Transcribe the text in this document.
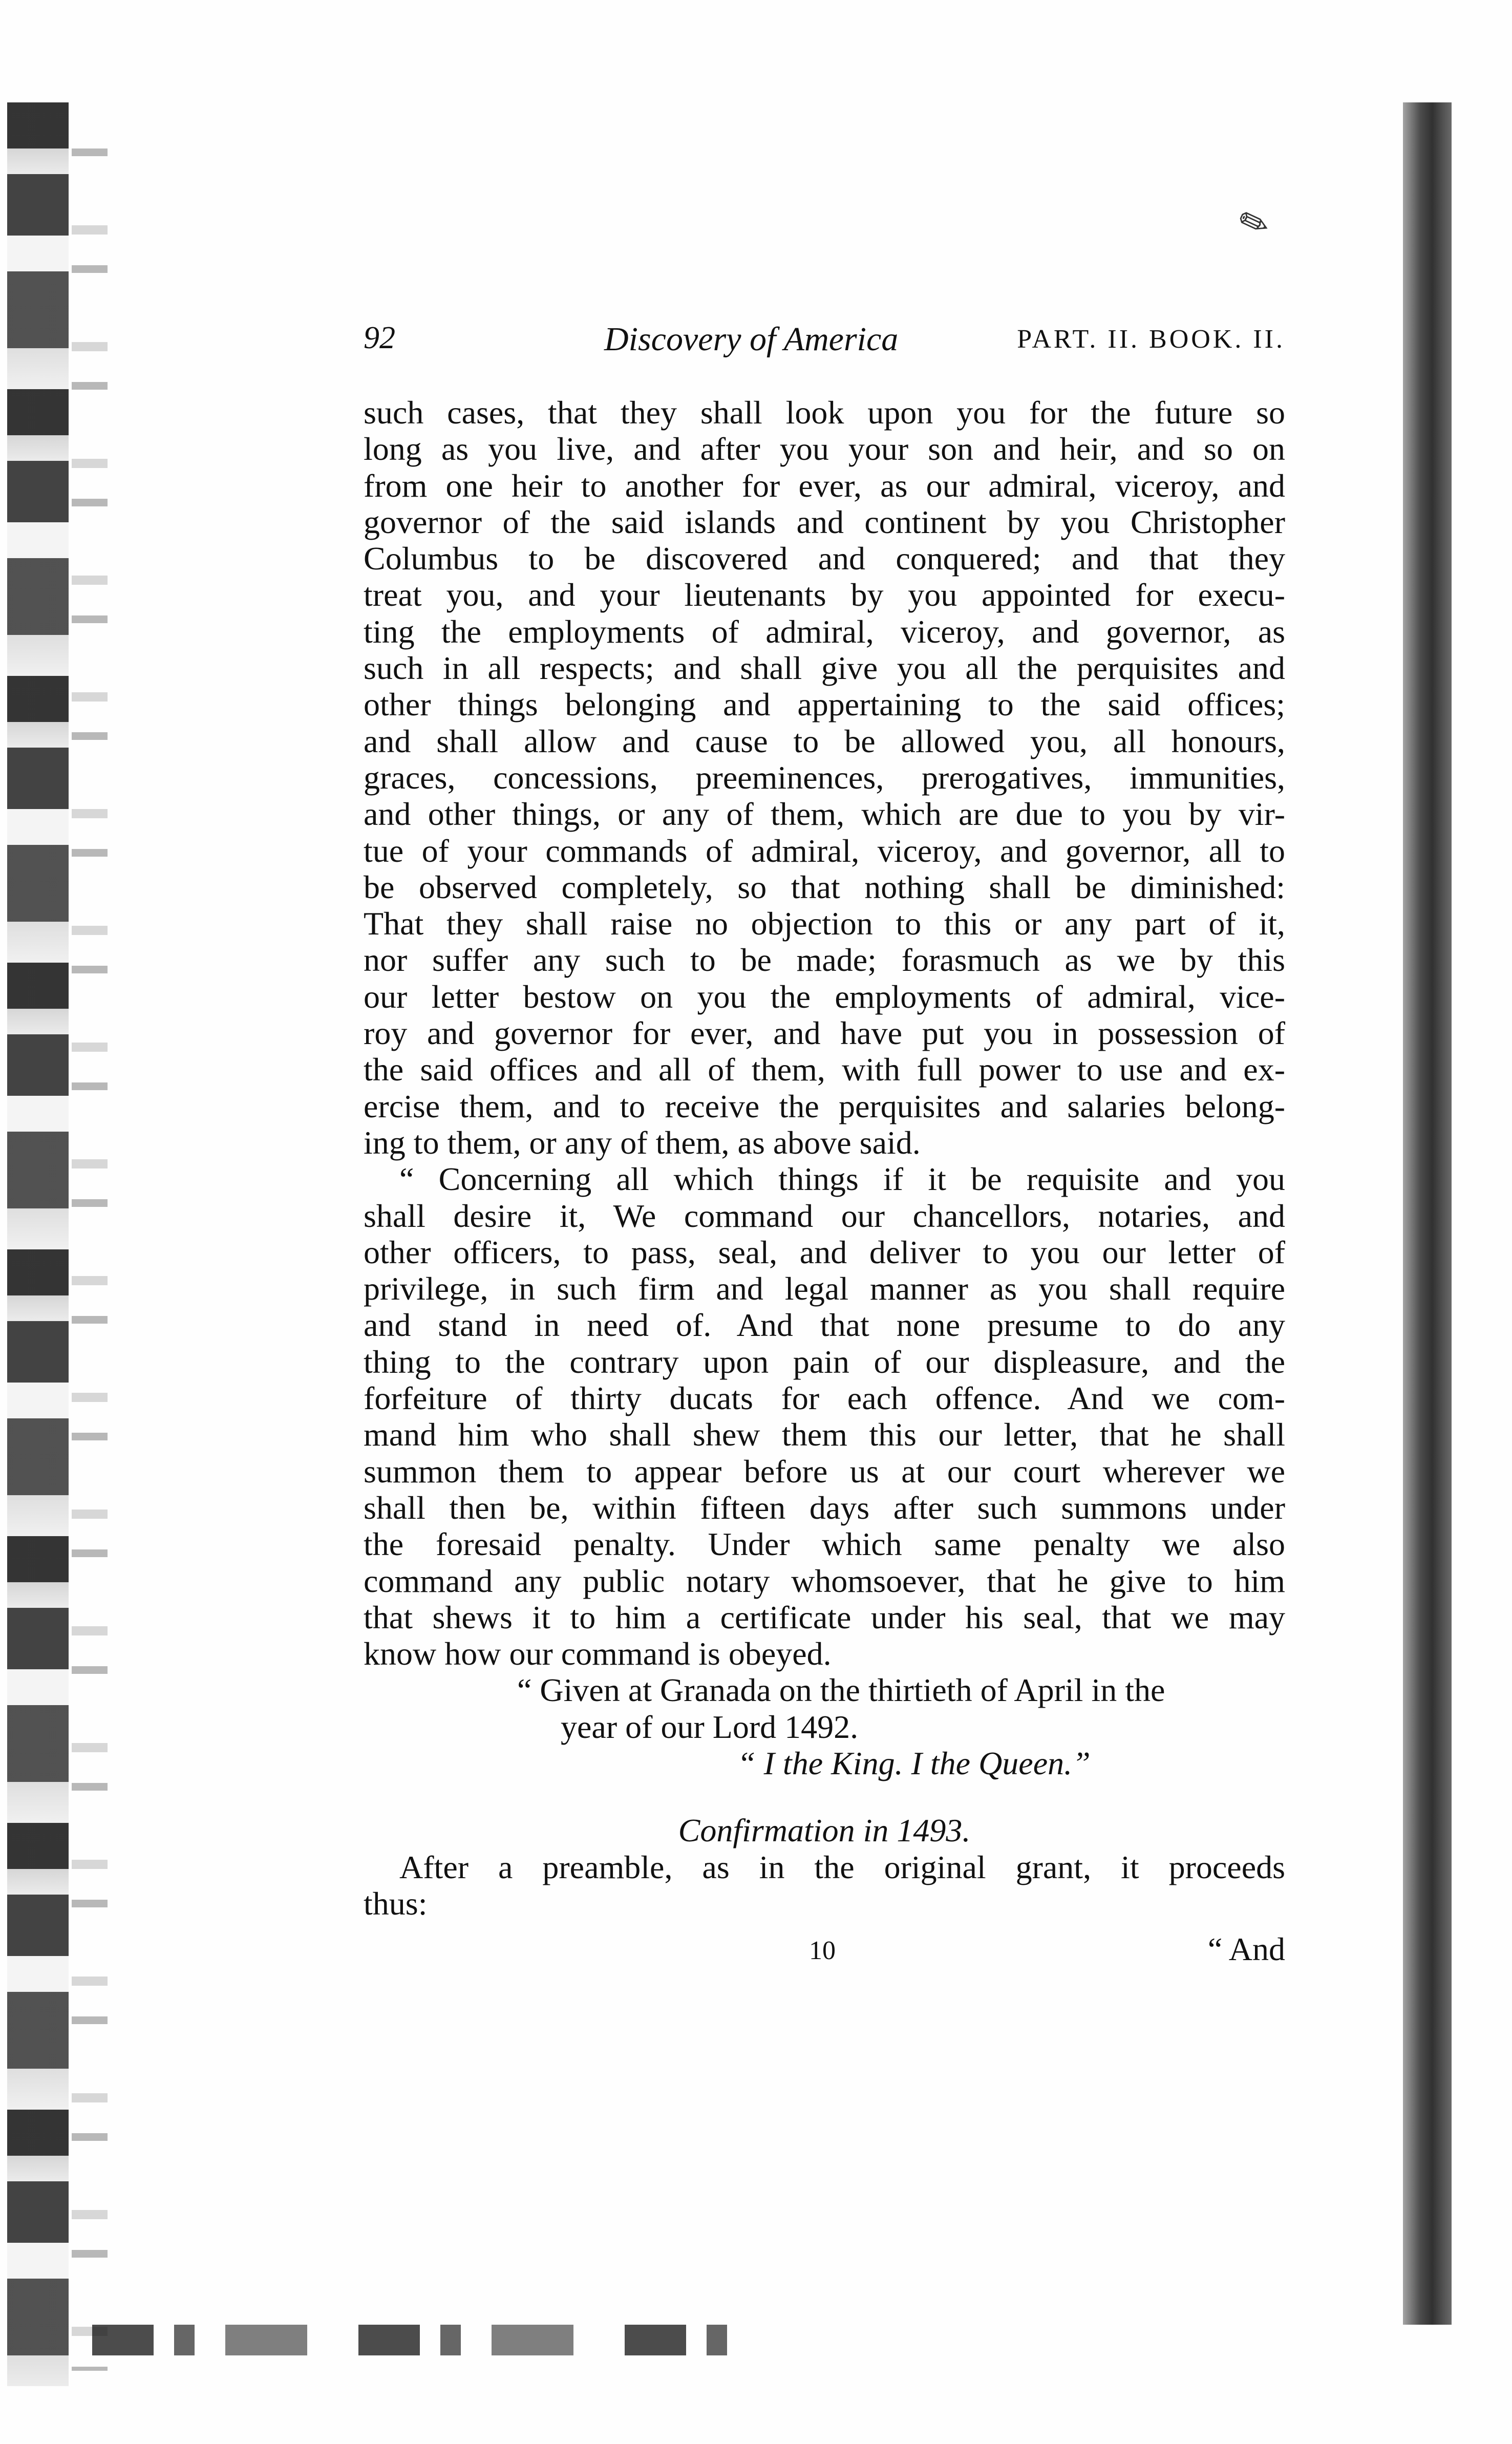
✎
92	Discovery of America	PART. II. BOOK. II.
such cases, that they shall look upon you for the future so
long as you live, and after you your son and heir, and so on
from one heir to another for ever, as our admiral, viceroy, and
governor of the said islands and continent by you Christopher
Columbus to be discovered and conquered; and that they
treat you, and your lieutenants by you appointed for execu-
ting the employments of admiral, viceroy, and governor, as
such in all respects; and shall give you all the perquisites and
other things belonging and appertaining to the said offices;
and shall allow and cause to be allowed you, all honours,
graces, concessions, preeminences, prerogatives, immunities,
and other things, or any of them, which are due to you by vir-
tue of your commands of admiral, viceroy, and governor, all to
be observed completely, so that nothing shall be diminished:
That they shall raise no objection to this or any part of it,
nor suffer any such to be made; forasmuch as we by this
our letter bestow on you the employments of admiral, vice-
roy and governor for ever, and have put you in possession of
the said offices and all of them, with full power to use and ex-
ercise them, and to receive the perquisites and salaries belong-
ing to them, or any of them, as above said.
“ Concerning all which things if it be requisite and you
shall desire it, We command our chancellors, notaries, and
other officers, to pass, seal, and deliver to you our letter of
privilege, in such firm and legal manner as you shall require
and stand in need of. And that none presume to do any
thing to the contrary upon pain of our displeasure, and the
forfeiture of thirty ducats for each offence. And we com-
mand him who shall shew them this our letter, that he shall
summon them to appear before us at our court wherever we
shall then be, within fifteen days after such summons under
the foresaid penalty. Under which same penalty we also
command any public notary whomsoever, that he give to him
that shews it to him a certificate under his seal, that we may
know how our command is obeyed.
“ Given at Granada on the thirtieth of April in the
year of our Lord 1492.
“ I the King. I the Queen.”
Confirmation in 1493.
After a preamble, as in the original grant, it proceeds
thus:
10	“ And
